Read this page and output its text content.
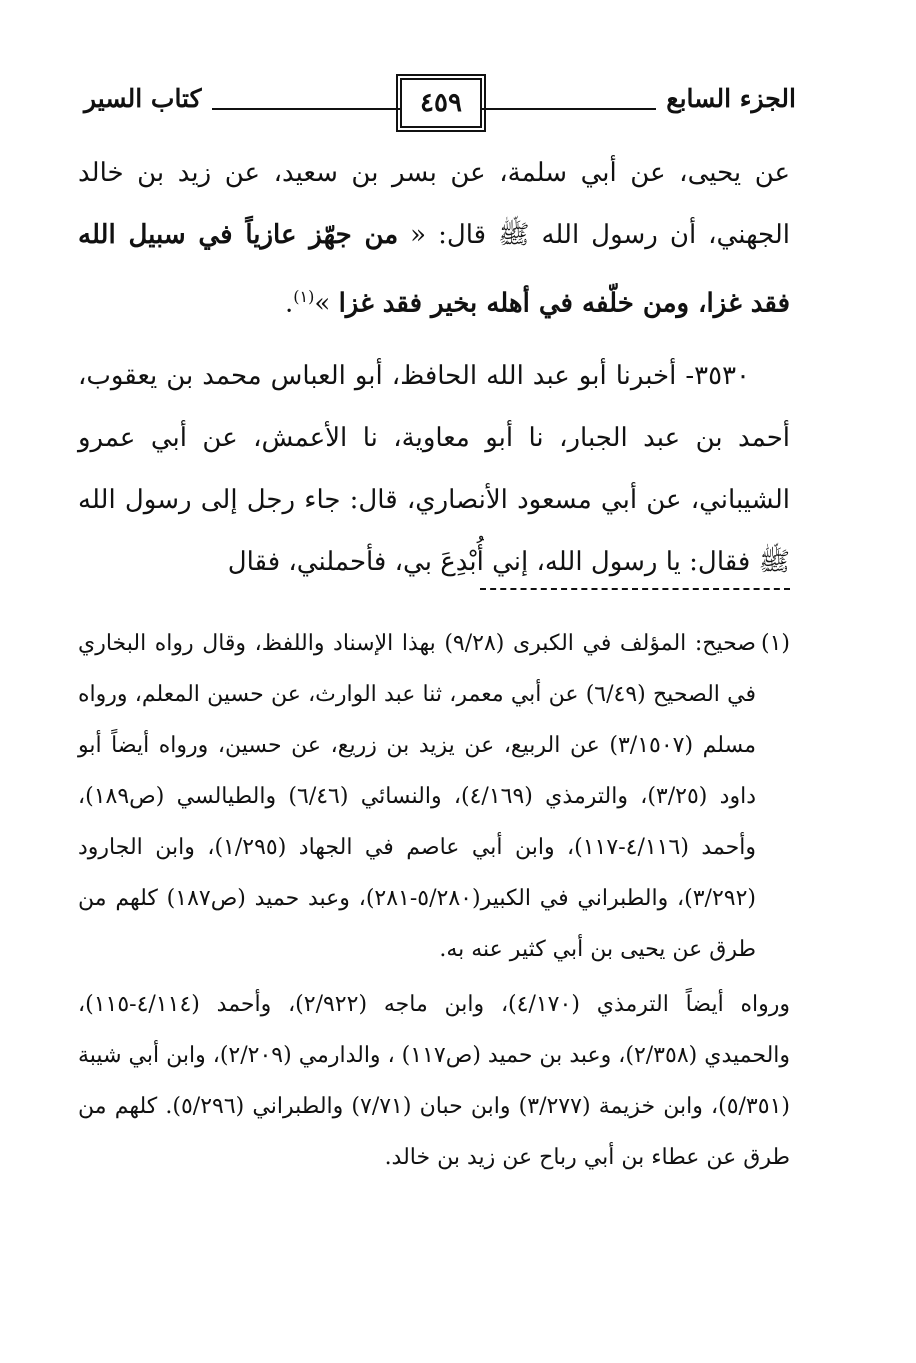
الجزء السابع
٤٥٩
كتاب السير

عن يحيى، عن أبي سلمة، عن بسر بن سعيد، عن زيد بن خالد الجهني، أن رسول الله ﷺ قال: « من جهّز عازياً في سبيل الله فقد غزا، ومن خلّفه في أهله بخير فقد غزا »$^{(١)}$.

٣٥٣٠- أخبرنا أبو عبد الله الحافظ، أبو العباس محمد بن يعقوب، أحمد بن عبد الجبار، نا أبو معاوية، نا الأعمش، عن أبي عمرو الشيباني، عن أبي مسعود الأنصاري، قال: جاء رجل إلى رسول الله ﷺ فقال: يا رسول الله، إني أُبْدِعَ بي، فأحملني، فقال

(١)

صحيح: المؤلف في الكبرى (٩/٢٨) بهذا الإسناد واللفظ، وقال رواه البخاري في الصحيح (٦/٤٩) عن أبي معمر، ثنا عبد الوارث، عن حسين المعلم، ورواه مسلم (٣/١٥٠٧) عن الربيع، عن يزيد بن زريع، عن حسين، ورواه أيضاً أبو داود (٣/٢٥)، والترمذي (٤/١٦٩)، والنسائي (٦/٤٦) والطيالسي (ص١٨٩)، وأحمد (٤/١١٦-١١٧)، وابن أبي عاصم في الجهاد (١/٢٩٥)، وابن الجارود (٣/٢٩٢)، والطبراني في الكبير(٥/٢٨٠-٢٨١)، وعبد حميد (ص١٨٧) كلهم من طرق عن يحيى بن أبي كثير عنه به.

ورواه أيضاً الترمذي (٤/١٧٠)، وابن ماجه (٢/٩٢٢)، وأحمد (٤/١١٤-١١٥)، والحميدي (٢/٣٥٨)، وعبد بن حميد (ص١١٧) ، والدارمي (٢/٢٠٩)، وابن أبي شيبة (٥/٣٥١)، وابن خزيمة (٣/٢٧٧) وابن حبان (٧/٧١) والطبراني (٥/٢٩٦). كلهم من طرق عن عطاء بن أبي رباح عن زيد بن خالد.
